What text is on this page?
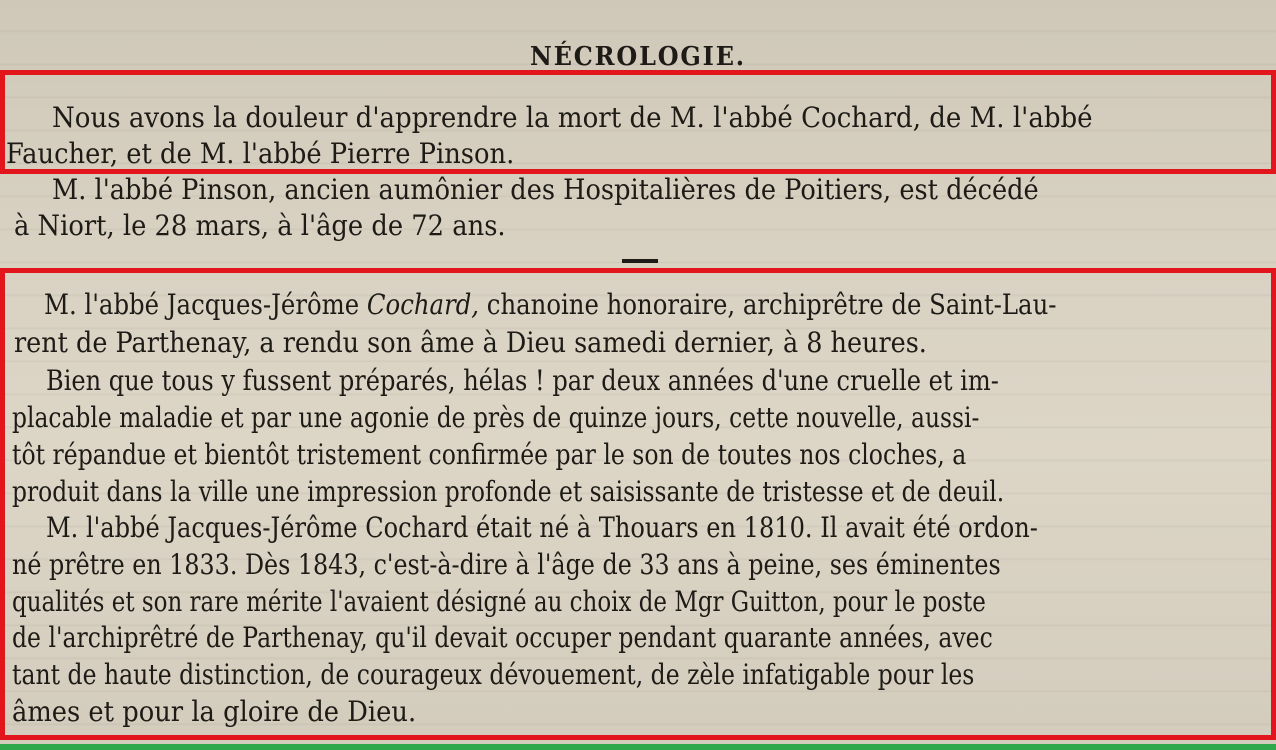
NÉCROLOGIE.
Nous avons la douleur d'apprendre la mort de M. l'abbé Cochard, de M. l'abbé
Faucher, et de M. l'abbé Pierre Pinson.
M. l'abbé Pinson, ancien aumônier des Hospitalières de Poitiers, est décédé
à Niort, le 28 mars, à l'âge de 72 ans.
M. l'abbé Jacques-Jérôme Cochard, chanoine honoraire, archiprêtre de Saint-Lau-
rent de Parthenay, a rendu son âme à Dieu samedi dernier, à 8 heures.
Bien que tous y fussent préparés, hélas ! par deux années d'une cruelle et im-
placable maladie et par une agonie de près de quinze jours, cette nouvelle, aussi-
tôt répandue et bientôt tristement confirmée par le son de toutes nos cloches, a
produit dans la ville une impression profonde et saisissante de tristesse et de deuil.
M. l'abbé Jacques-Jérôme Cochard était né à Thouars en 1810. Il avait été ordon-
né prêtre en 1833. Dès 1843, c'est-à-dire à l'âge de 33 ans à peine, ses éminentes
qualités et son rare mérite l'avaient désigné au choix de Mgr Guitton, pour le poste
de l'archiprêtré de Parthenay, qu'il devait occuper pendant quarante années, avec
tant de haute distinction, de courageux dévouement, de zèle infatigable pour les
âmes et pour la gloire de Dieu.
